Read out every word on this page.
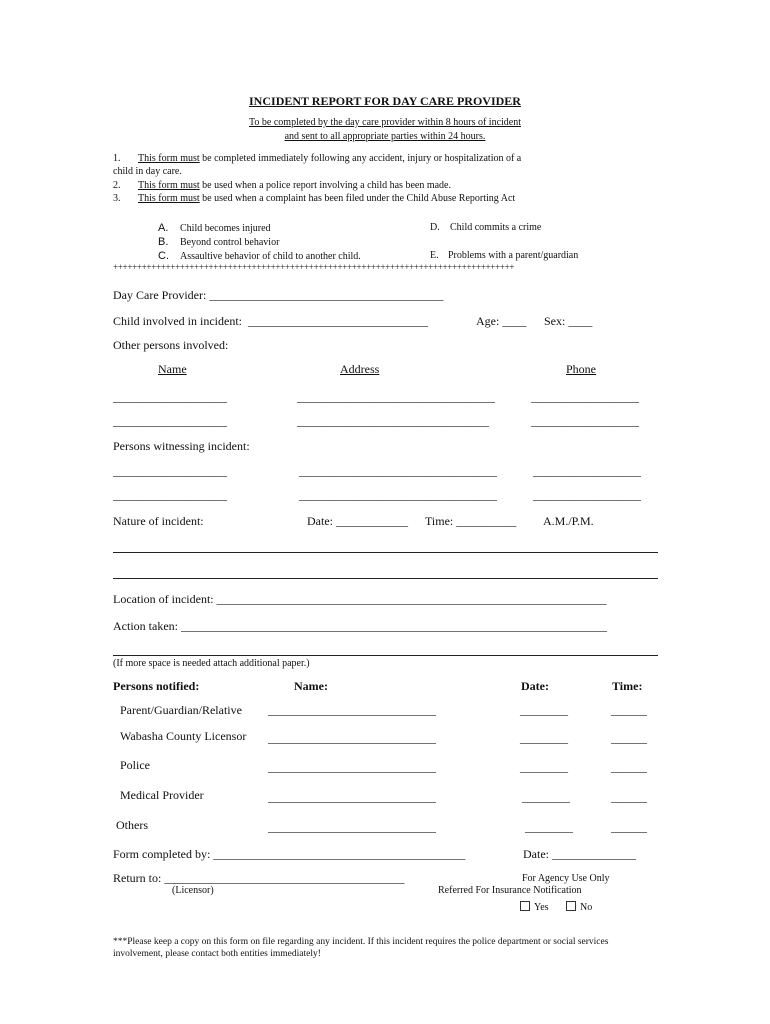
INCIDENT REPORT FOR DAY CARE PROVIDER
To be completed by the day care provider within 8 hours of incident
and sent to all appropriate parties within 24 hours.
1. This form must be completed immediately following any accident, injury or hospitalization of a
child in day care.
2. This form must be used when a police report involving a child has been made.
3. This form must be used when a complaint has been filed under the Child Abuse Reporting Act
A. Child becomes injured
B. Beyond control behavior
C. Assaultive behavior of child to another child.
D. Child commits a crime
E. Problems with a parent/guardian
++++++++++++++++++++++++++++++++++++++++++++++++++++++++++++++++++++++++++++++++++++
Day Care Provider: _______________________________________
Child involved in incident: ______________________________	Age: ____ Sex: ____
Other persons involved:
Name	Address	Phone
___________________	_________________________________	__________________
___________________	________________________________	__________________
Persons witnessing incident:
___________________	_________________________________	__________________
___________________	_________________________________	__________________
Nature of incident:	Date: ____________ Time: __________ A.M./P.M.
Location of incident: _________________________________________________________________
Action taken: _______________________________________________________________________
(If more space is needed attach additional paper.)
Persons notified:	Name:	Date:	Time:
Parent/Guardian/Relative ____________________________	________	______
Wabasha County Licensor ____________________________	________	______
Police	____________________________	________	______
Medical Provider	____________________________	________	______
Others	____________________________	________	______
Form completed by: __________________________________________	Date: ______________
Return to: ________________________________________
(Licensor)
For Agency Use Only
Referred For Insurance Notification
Yes	No
***Please keep a copy on this form on file regarding any incident. If this incident requires the police department or social services
involvement, please contact both entities immediately!
